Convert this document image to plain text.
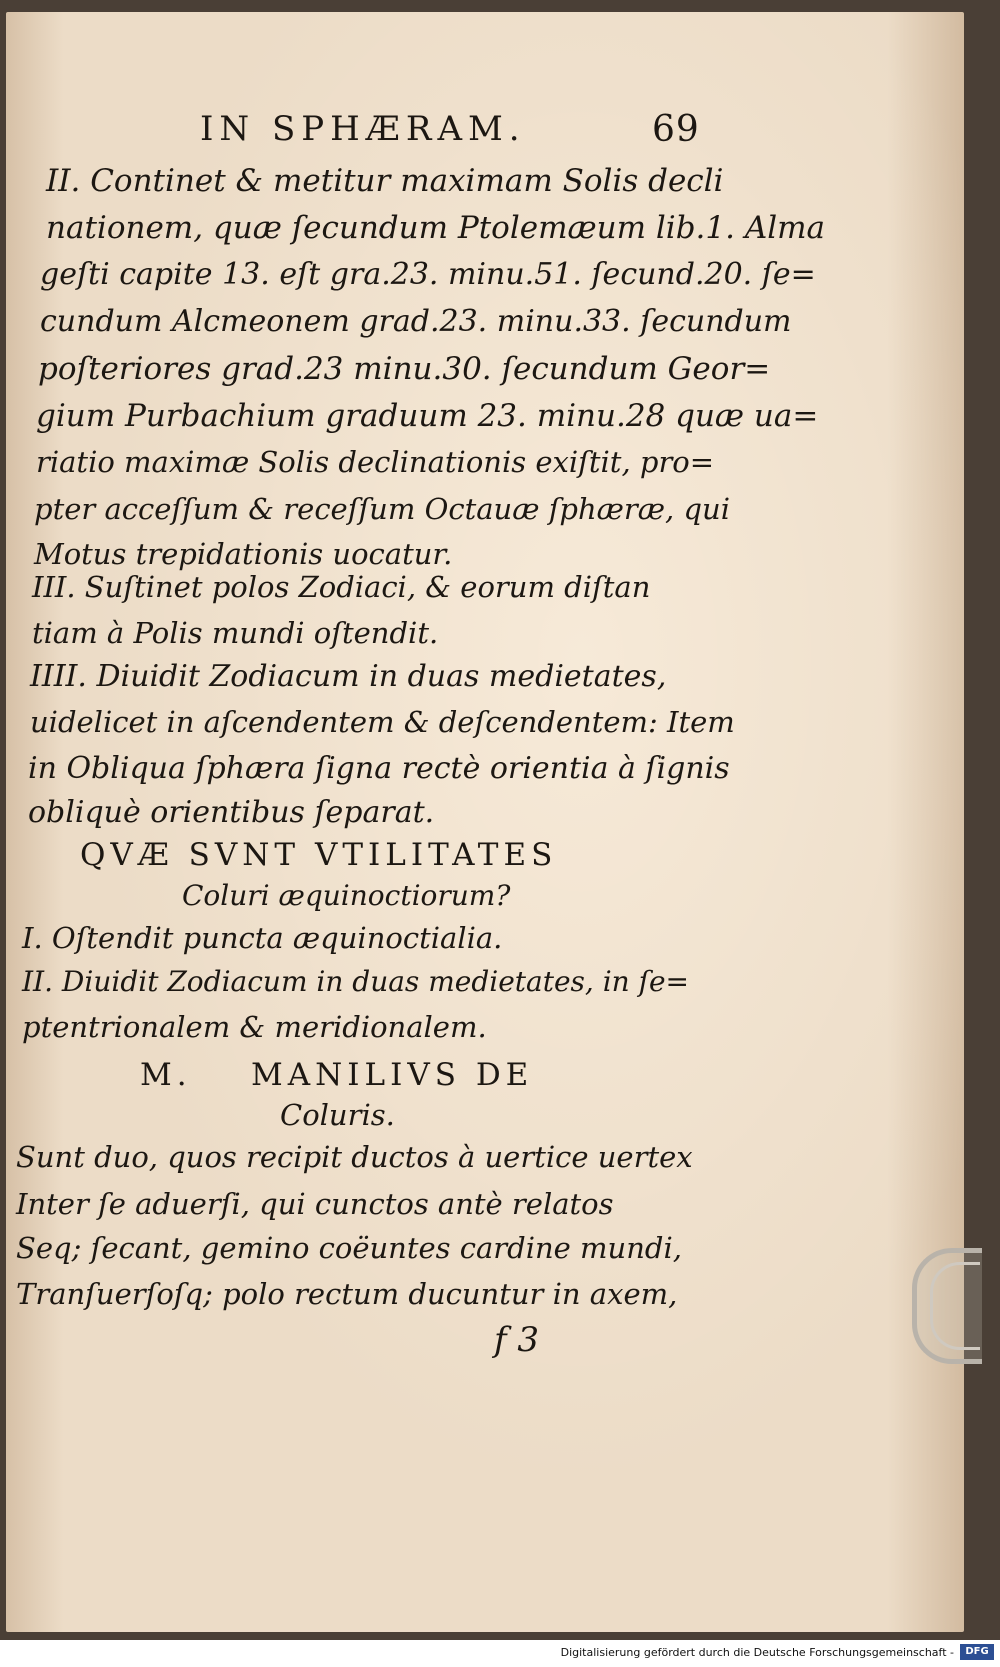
IN SPHÆRAM.	69
II. Continet & metitur maximam Solis decli
nationem, quæ ſecundum Ptolemæum lib.1. Alma
geſti capite 13. eſt gra.23. minu.51. ſecund.20. ſe=
cundum Alcmeonem grad.23. minu.33. ſecundum
poſteriores grad.23 minu.30. ſecundum Geor=
gium Purbachium graduum 23. minu.28 quæ ua=
riatio maximæ Solis declinationis exiſtit, pro=
pter acceſſum & receſſum Octauæ ſphæræ, qui
Motus trepidationis uocatur.
III. Suſtinet polos Zodiaci, & eorum diſtan
tiam à Polis mundi oſtendit.
IIII. Diuidit Zodiacum in duas medietates,
uidelicet in aſcendentem & deſcendentem: Item
in Obliqua ſphæra ſigna rectè orientia à ſignis
obliquè orientibus ſeparat.
QVÆ SVNT VTILITATES
Coluri æquinoctiorum?
I. Oſtendit puncta æquinoctialia.
II. Diuidit Zodiacum in duas medietates, in ſe=
ptentrionalem & meridionalem.
M.    MANILIVS DE
Coluris.
Sunt duo, quos recipit ductos à uertice uertex
Inter ſe aduerſi, qui cunctos antè relatos
Seq; ſecant, gemino coëuntes cardine mundi,
Tranſuerſoſq; polo rectum ducuntur in axem,
f 3
Digitalisierung gefördert durch die Deutsche Forschungsgemeinschaft -	DFG
